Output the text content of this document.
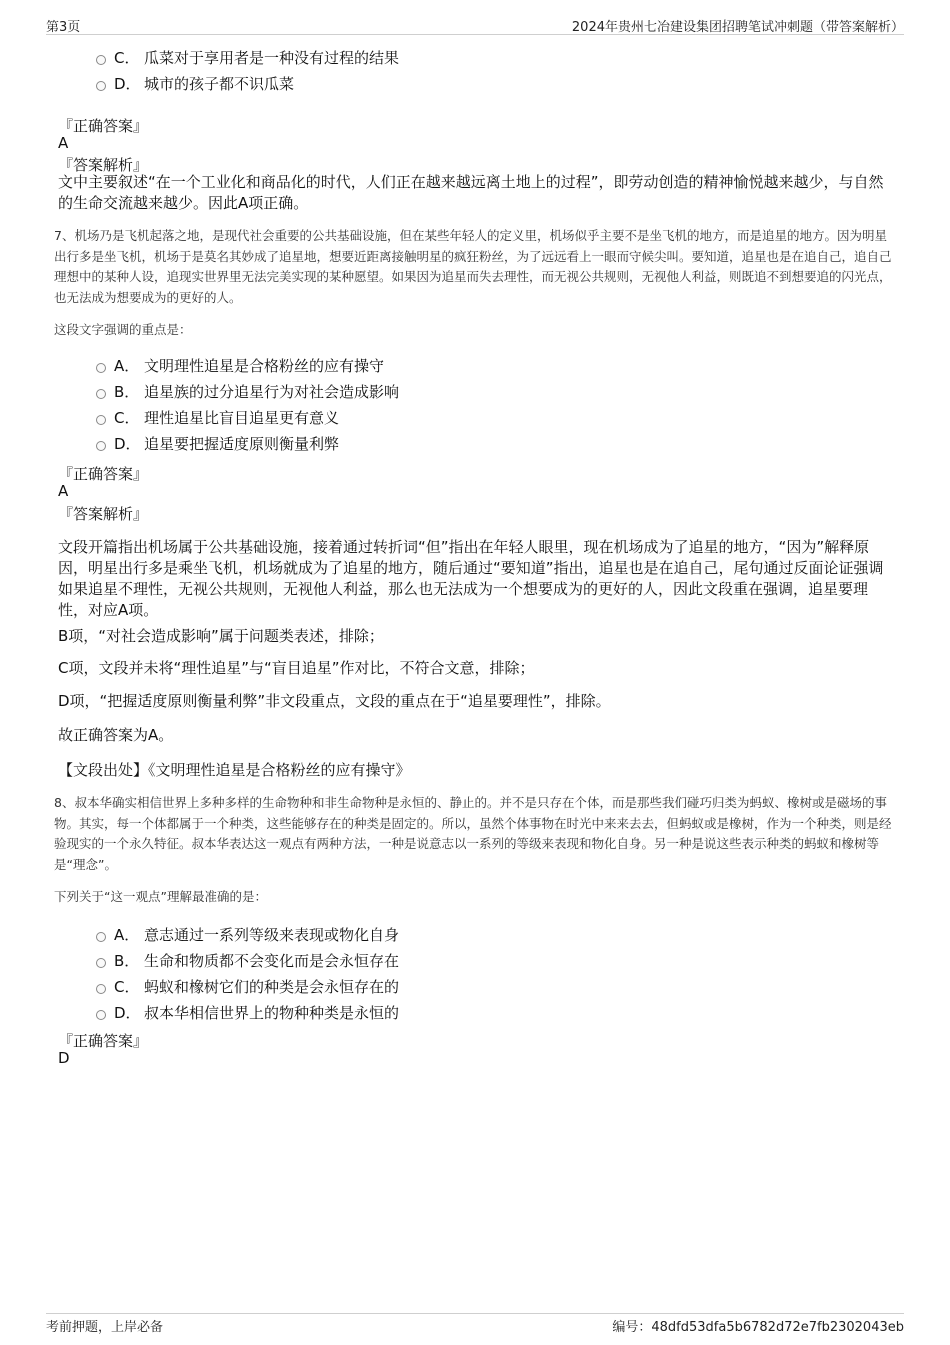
第3页	2024年贵州七冶建设集团招聘笔试冲刺题（带答案解析）
C． 瓜菜对于享用者是一种没有过程的结果
D． 城市的孩子都不识瓜菜
『正确答案』
A
『答案解析』
文中主要叙述“在一个工业化和商品化的时代，人们正在越来越远离土地上的过程”，即劳动创造的精神愉悦越来越少，与自然的生命交流越来越少。因此A项正确。
7、机场乃是飞机起落之地，是现代社会重要的公共基础设施，但在某些年轻人的定义里，机场似乎主要不是坐飞机的地方，而是追星的地方。因为明星出行多是坐飞机，机场于是莫名其妙成了追星地，想要近距离接触明星的疯狂粉丝，为了远远看上一眼而守候尖叫。要知道，追星也是在追自己，追自己理想中的某种人设，追现实世界里无法完美实现的某种愿望。如果因为追星而失去理性，而无视公共规则，无视他人利益，则既追不到想要追的闪光点，也无法成为想要成为的更好的人。
这段文字强调的重点是：
A． 文明理性追星是合格粉丝的应有操守
B． 追星族的过分追星行为对社会造成影响
C． 理性追星比盲目追星更有意义
D． 追星要把握适度原则衡量利弊
『正确答案』
A
『答案解析』
文段开篇指出机场属于公共基础设施，接着通过转折词“但”指出在年轻人眼里，现在机场成为了追星的地方，“因为”解释原因，明星出行多是乘坐飞机，机场就成为了追星的地方，随后通过“要知道”指出，追星也是在追自己，尾句通过反面论证强调如果追星不理性，无视公共规则，无视他人利益，那么也无法成为一个想要成为的更好的人，因此文段重在强调，追星要理性，对应A项。
B项，“对社会造成影响”属于问题类表述，排除；
C项，文段并未将“理性追星”与“盲目追星”作对比，不符合文意，排除；
D项，“把握适度原则衡量利弊”非文段重点，文段的重点在于“追星要理性”，排除。
故正确答案为A。
【文段出处】《文明理性追星是合格粉丝的应有操守》
8、叔本华确实相信世界上多种多样的生命物种和非生命物种是永恒的、静止的。并不是只存在个体，而是那些我们碰巧归类为蚂蚁、橡树或是磁场的事物。其实，每一个体都属于一个种类，这些能够存在的种类是固定的。所以，虽然个体事物在时光中来来去去，但蚂蚁或是橡树，作为一个种类，则是经验现实的一个永久特征。叔本华表达这一观点有两种方法，一种是说意志以一系列的等级来表现和物化自身。另一种是说这些表示种类的蚂蚁和橡树等是“理念”。
下列关于“这一观点”理解最准确的是：
A． 意志通过一系列等级来表现或物化自身
B． 生命和物质都不会变化而是会永恒存在
C． 蚂蚁和橡树它们的种类是会永恒存在的
D． 叔本华相信世界上的物种种类是永恒的
『正确答案』
D
考前押题，上岸必备	编号：48dfd53dfa5b6782d72e7fb2302043eb
